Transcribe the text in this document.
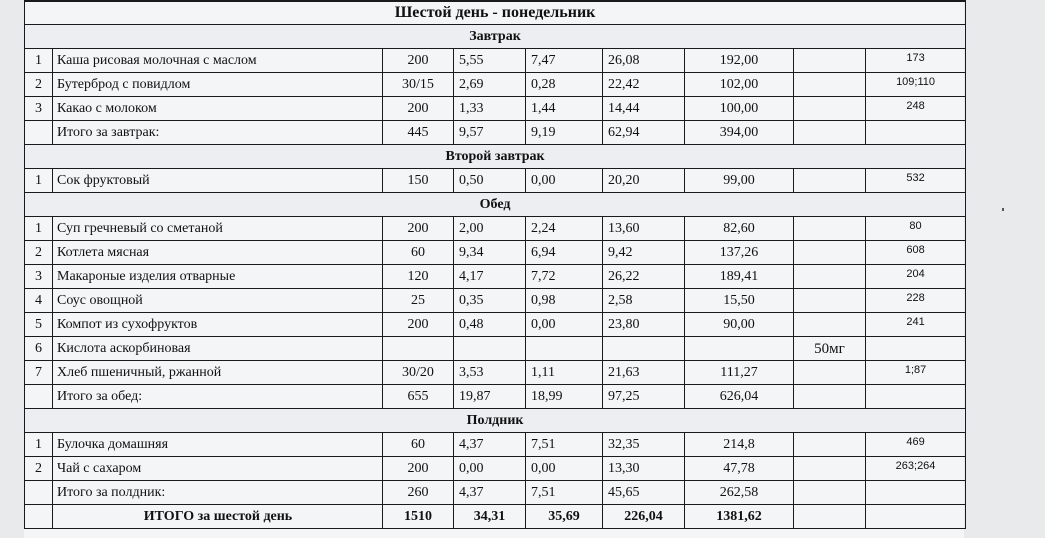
Шестой день - понедельник								
Завтрак								
1	Каша рисовая молочная с маслом	200	5,55	7,47	26,08	192,00		173
2	Бутерброд с повидлом	30/15	2,69	0,28	22,42	102,00		109;110
3	Какао с молоком	200	1,33	1,44	14,44	100,00		248
	Итого за завтрак:	445	9,57	9,19	62,94	394,00		
Второй завтрак								
1	Сок фруктовый	150	0,50	0,00	20,20	99,00		532
Обед								
1	Суп гречневый со сметаной	200	2,00	2,24	13,60	82,60		80
2	Котлета мясная	60	9,34	6,94	9,42	137,26		608
3	Макароные изделия отварные	120	4,17	7,72	26,22	189,41		204
4	Соус овощной	25	0,35	0,98	2,58	15,50		228
5	Компот из сухофруктов	200	0,48	0,00	23,80	90,00		241
6	Кислота аскорбиновая						50мг	
7	Хлеб пшеничный, ржанной	30/20	3,53	1,11	21,63	111,27		1;87
	Итого за обед:	655	19,87	18,99	97,25	626,04		
Полдник								
1	Булочка домашняя	60	4,37	7,51	32,35	214,8		469
2	Чай с сахаром	200	0,00	0,00	13,30	47,78		263;264
	Итого за полдник:	260	4,37	7,51	45,65	262,58		
	ИТОГО за шестой день	1510	34,31	35,69	226,04	1381,62		
